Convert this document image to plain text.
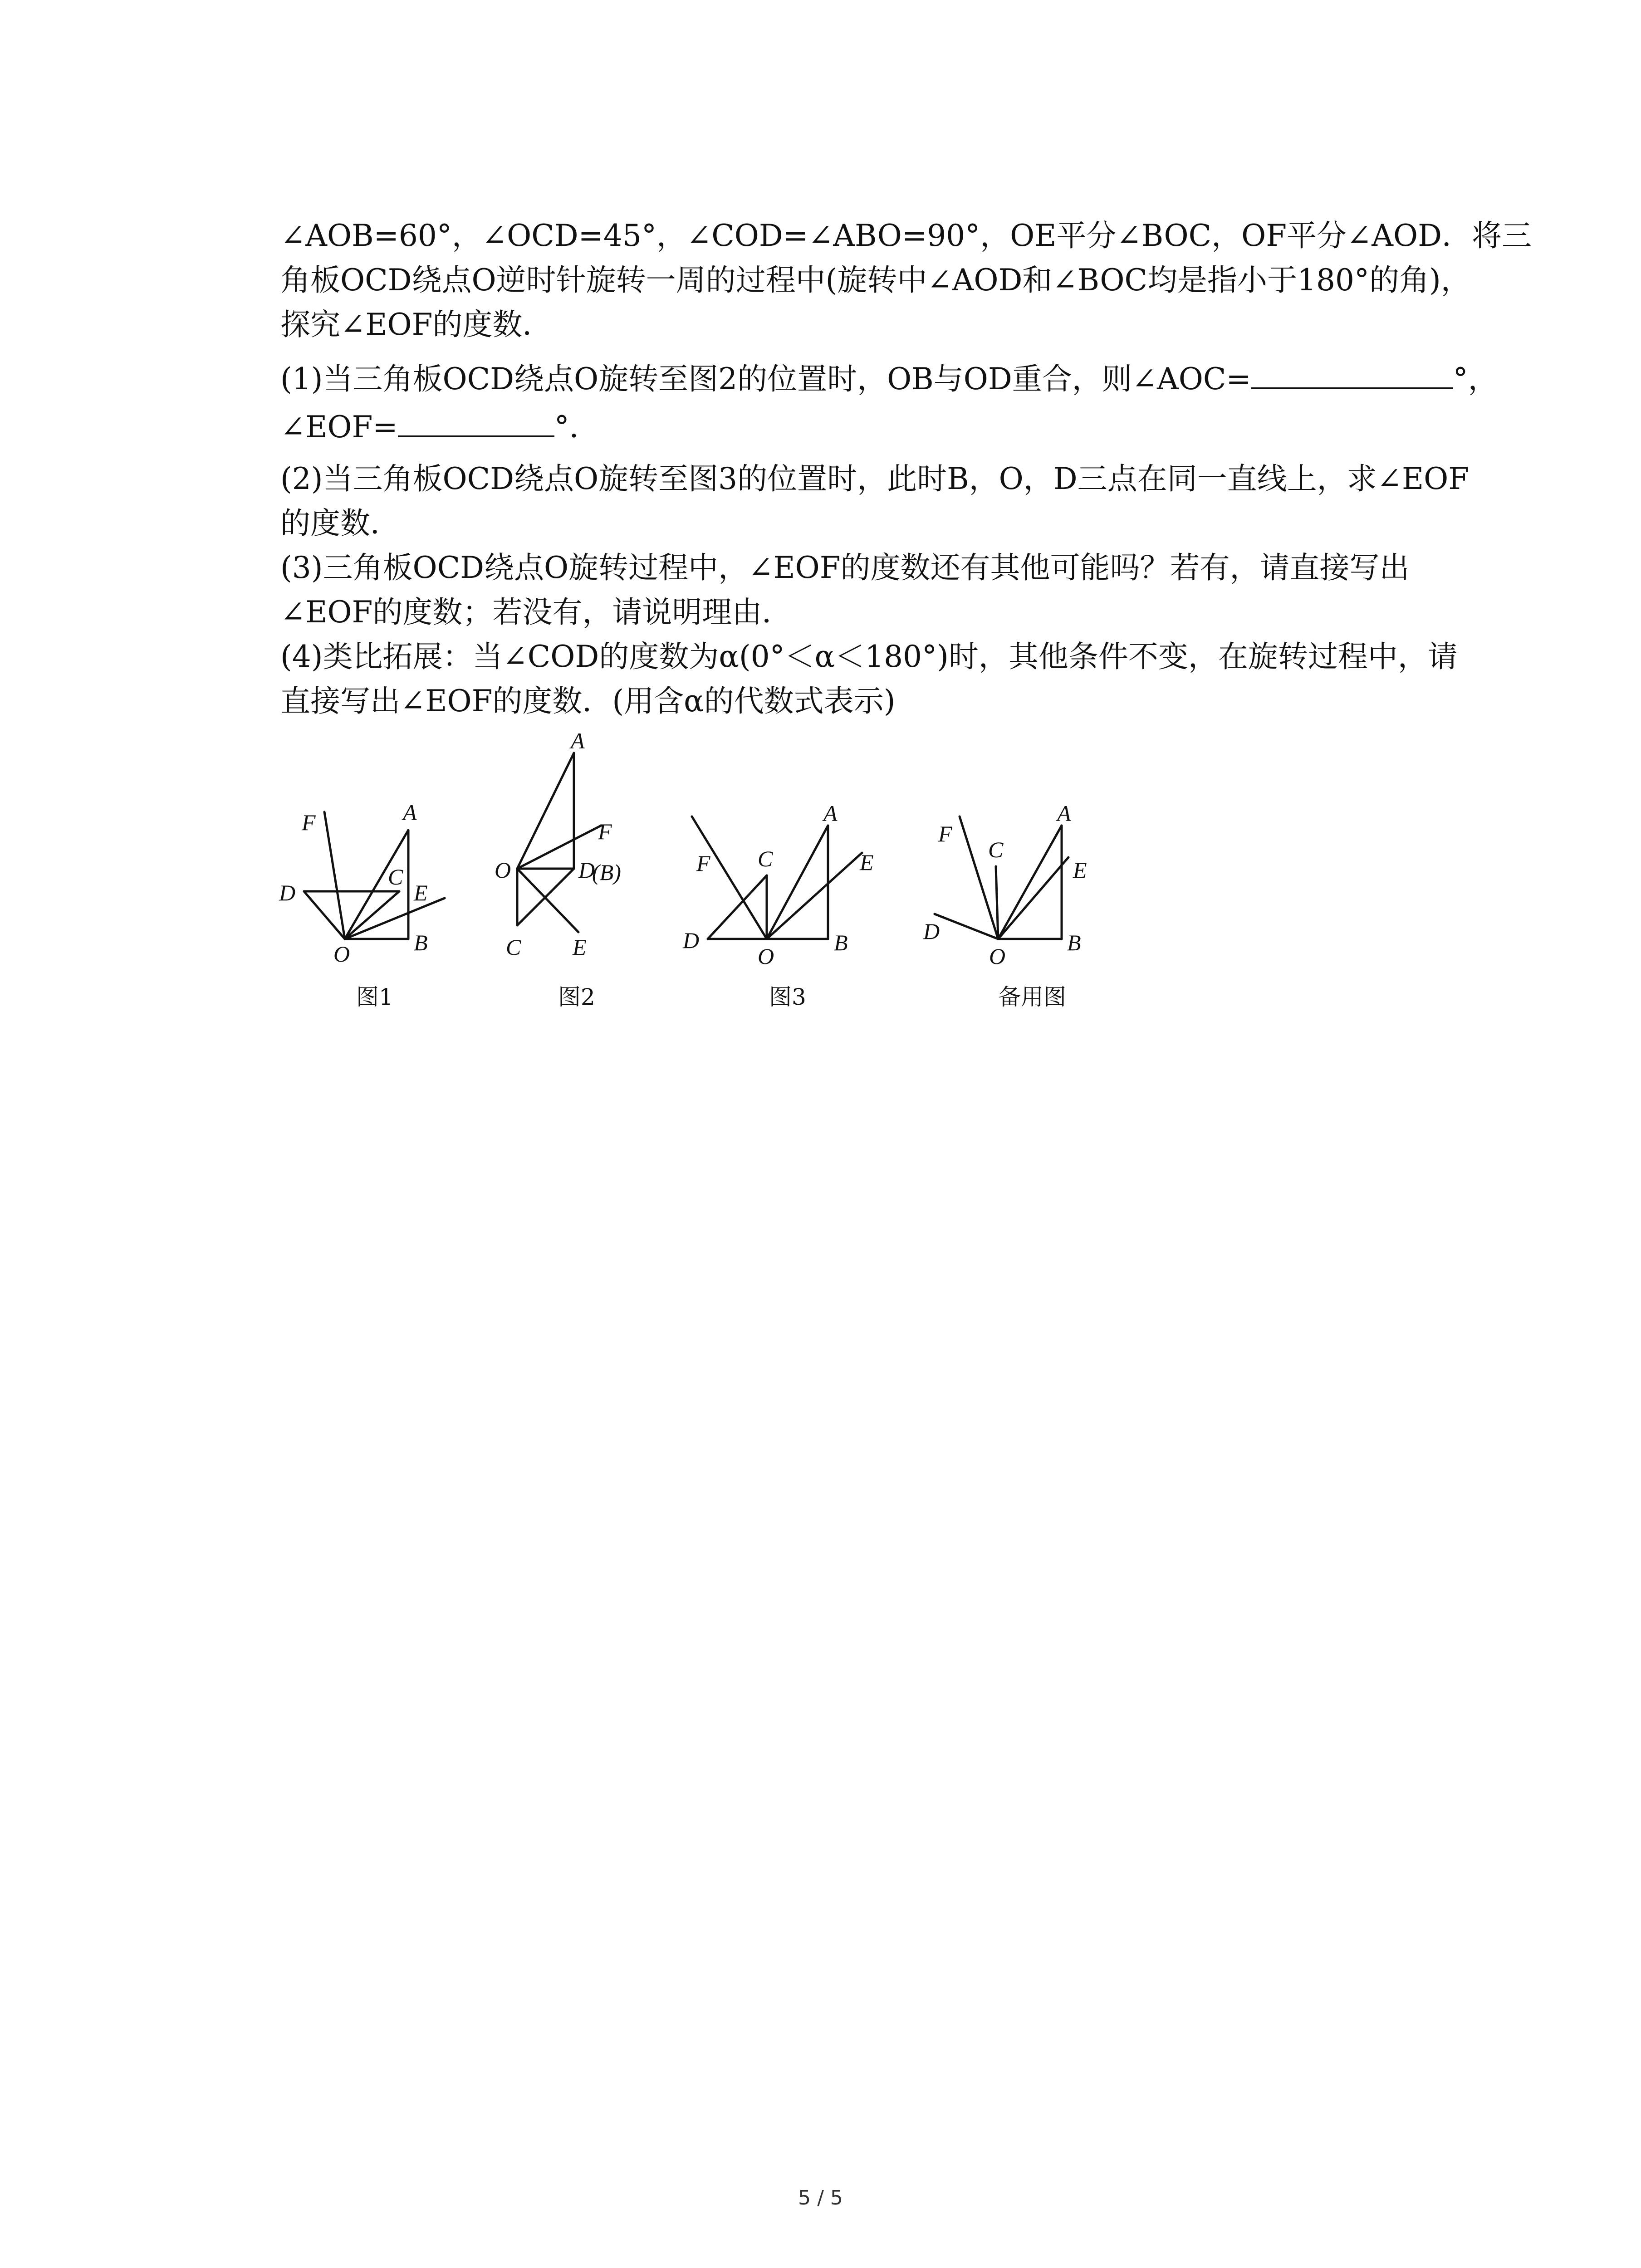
∠AOB=60°，∠OCD=45°，∠COD=∠ABO=90°，OE平分∠BOC，OF平分∠AOD．将三
角板OCD绕点O逆时针旋转一周的过程中(旋转中∠AOD和∠BOC均是指小于180°的角)，
探究∠EOF的度数．
(1)当三角板OCD绕点O旋转至图2的位置时，OB与OD重合，则∠AOC=	°，
∠EOF=	°．
(2)当三角板OCD绕点O旋转至图3的位置时，此时B，O，D三点在同一直线上，求∠EOF
的度数．
(3)三角板OCD绕点O旋转过程中，∠EOF的度数还有其他可能吗？若有，请直接写出
∠EOF的度数；若没有，请说明理由．
(4)类比拓展：当∠COD的度数为α(0°＜α＜180°)时，其他条件不变，在旋转过程中，请
直接写出∠EOF的度数．(用含α的代数式表示)
F	A
D
C
E
O	B
图1
A
F
O	D
(B)
C E
图2
F C
A
E
D
O
B
图3
F
C
A
E
D
O
B
备用图
5 / 5
